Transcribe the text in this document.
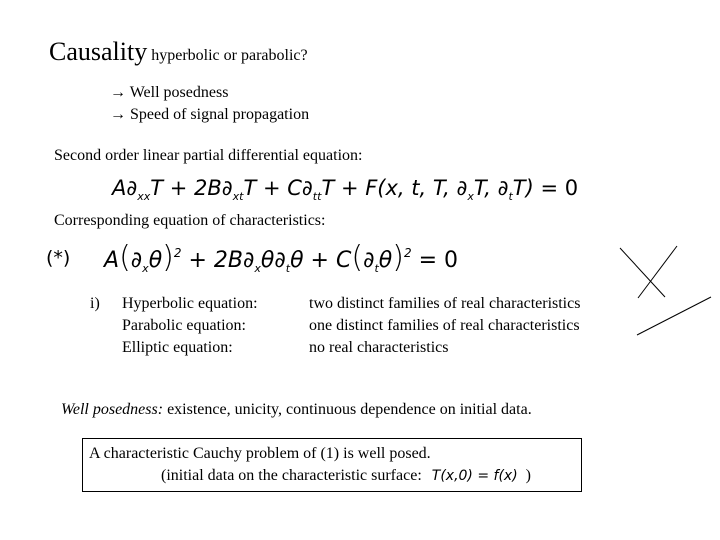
Causality hyperbolic or parabolic?
→ Well posedness
→ Speed of signal propagation
Second order linear partial differential equation:
$A\partial_{xx}T + 2B\partial_{xt}T + C\partial_{tt}T + F(x$, t, T, $\partial_xT$, $\partial_tT) = 0$
Corresponding equation of characteristics:
(*) $A(\partial_x\theta)^2 + 2B\partial_x\theta\partial_t\theta + C(\partial_t\theta)^2 = 0$
i) Hyperbolic equation:
Parabolic equation:
Elliptic equation:
two distinct families of real characteristics
one distinct families of real characteristics
no real characteristics
Well posedness: existence, unicity, continuous dependence on initial data.
A characteristic Cauchy problem of (1) is well posed.
(initial data on the characteristic surface: T(x,0) = f(x) )
